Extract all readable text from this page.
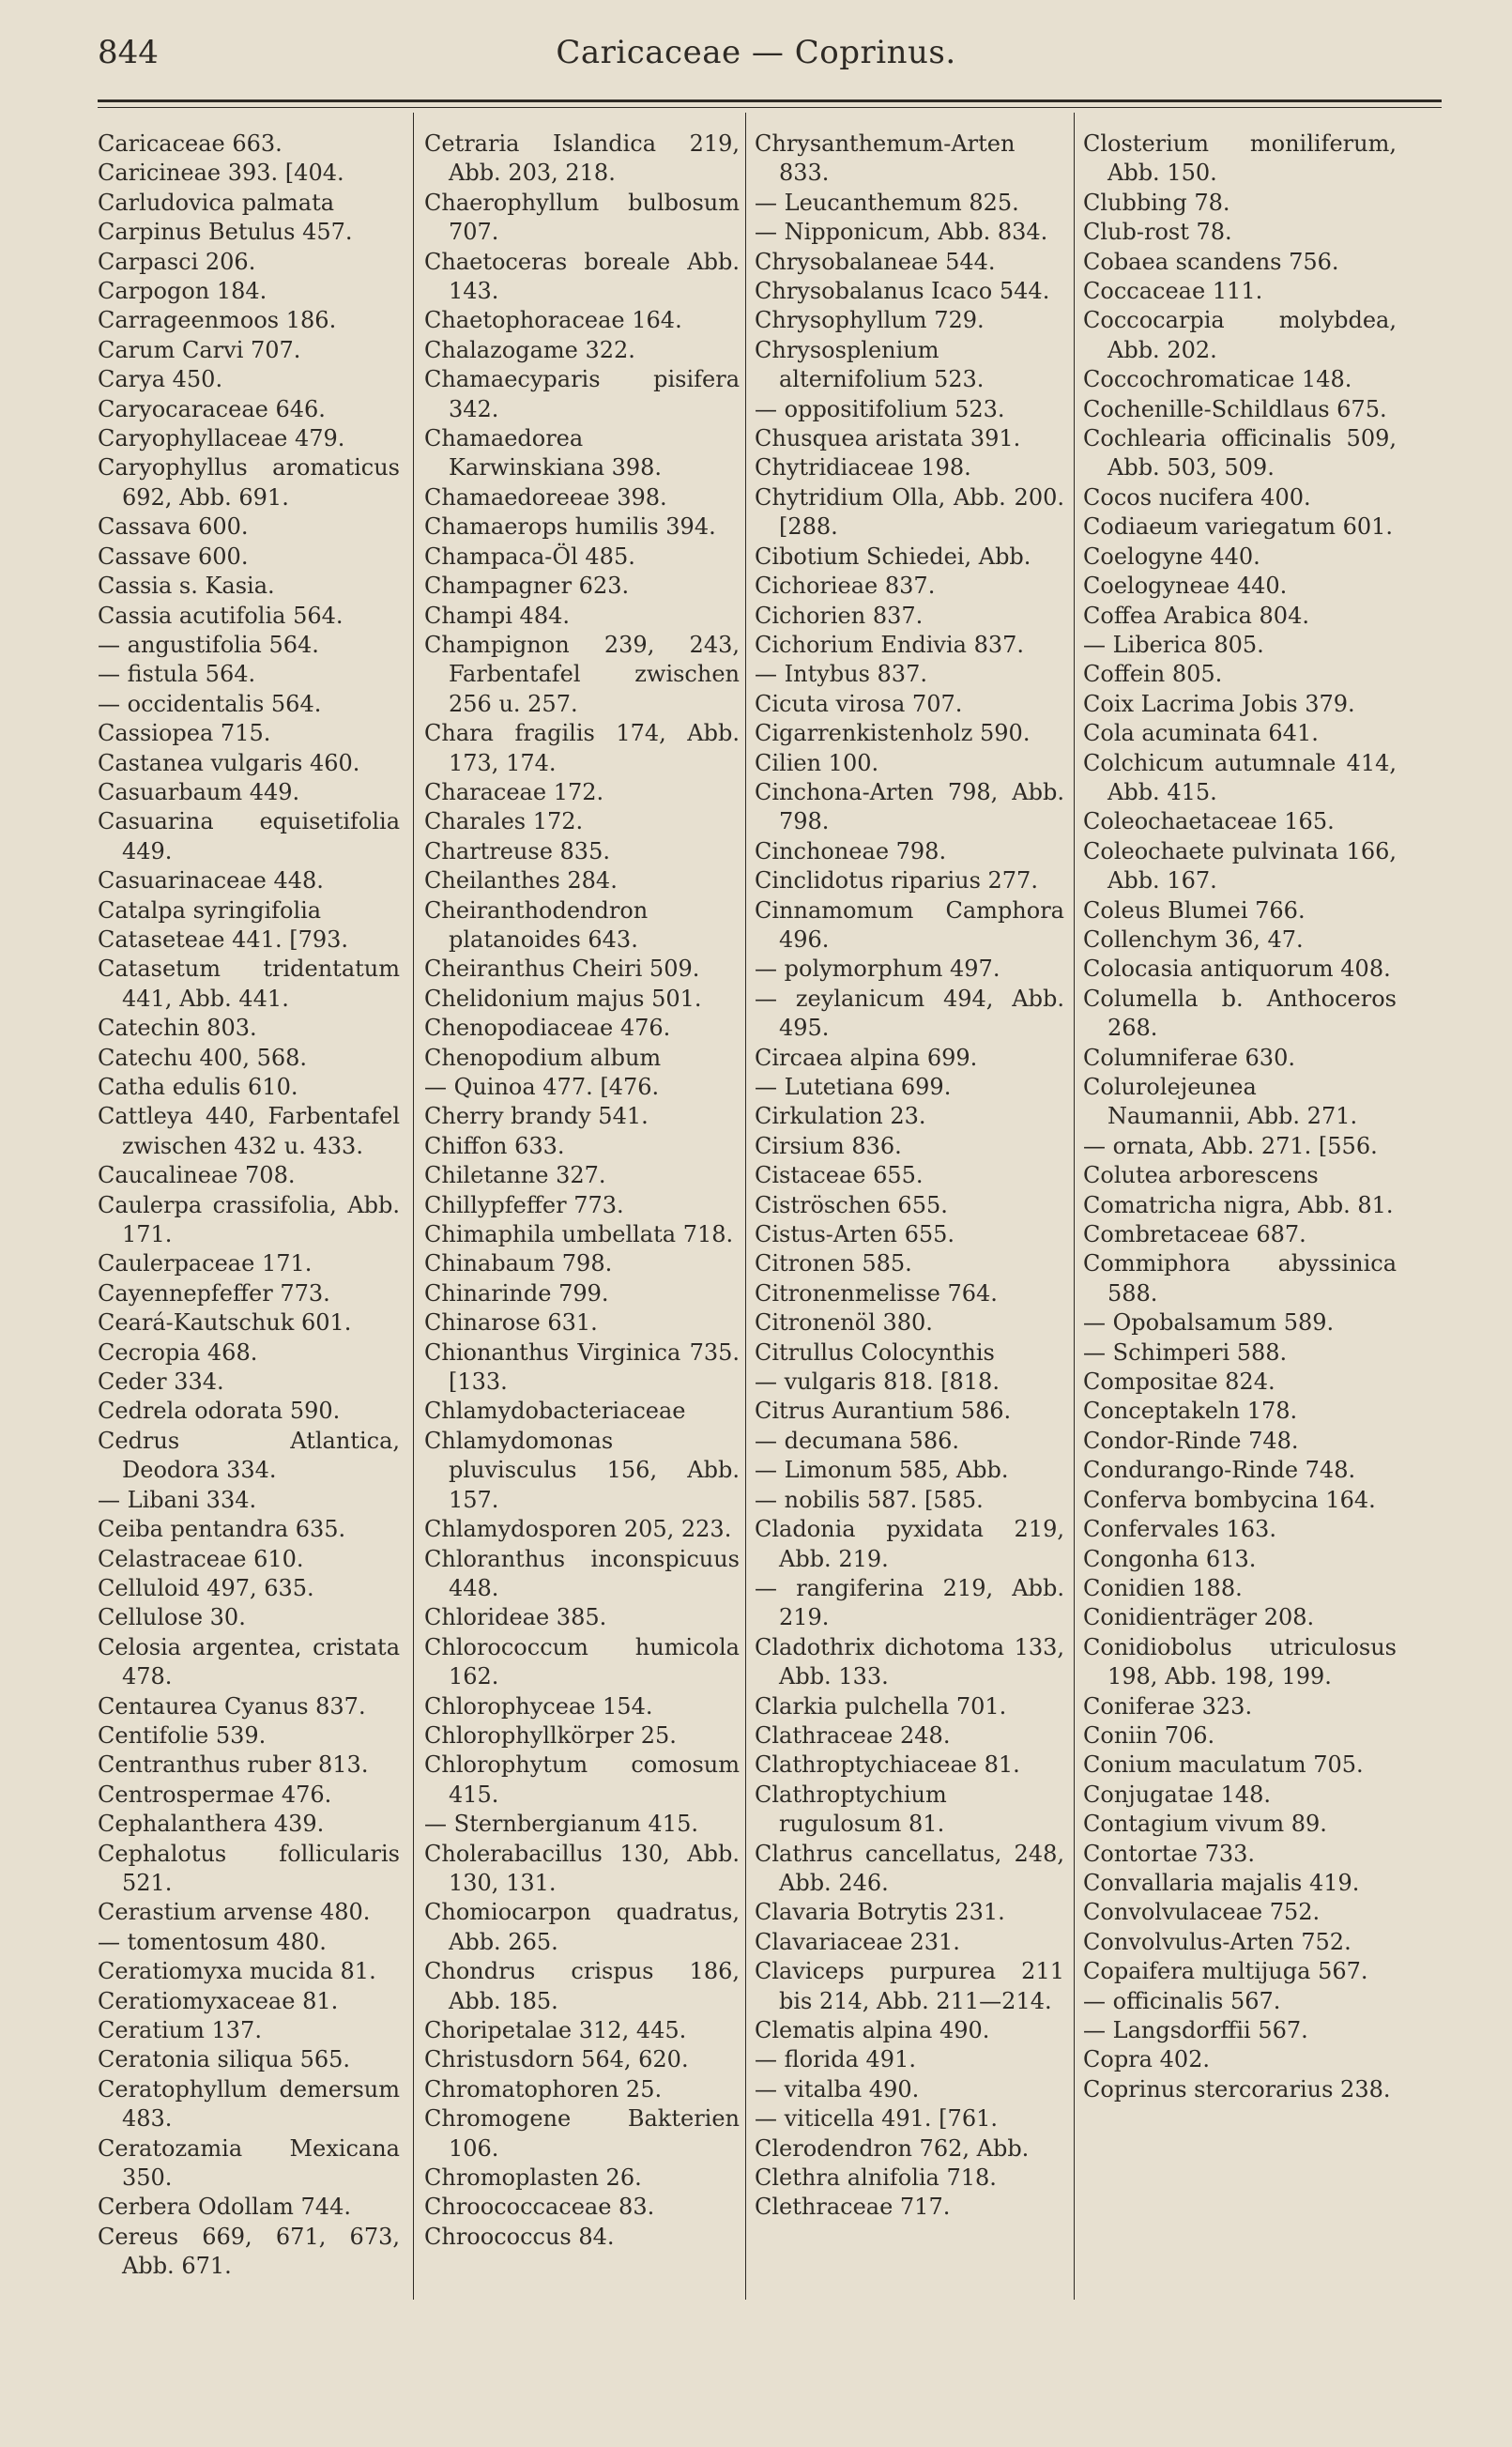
844	Caricaceae — Coprinus.
Caricaceae 663.
Caricineae 393. [404.
Carludovica palmata
Carpinus Betulus 457.
Carpasci 206.
Carpogon 184.
Carrageenmoos 186.
Carum Carvi 707.
Carya 450.
Caryocaraceae 646.
Caryophyllaceae 479.
Caryophyllus aromaticus 692, Abb. 691.
Cassava 600.
Cassave 600.
Cassia s. Kasia.
Cassia acutifolia 564.
— angustifolia 564.
— fistula 564.
— occidentalis 564.
Cassiopea 715.
Castanea vulgaris 460.
Casuarbaum 449.
Casuarina equisetifolia 449.
Casuarinaceae 448.
Catalpa syringifolia
Cataseteae 441. [793.
Catasetum tridentatum 441, Abb. 441.
Catechin 803.
Catechu 400, 568.
Catha edulis 610.
Cattleya 440, Farbentafel zwischen 432 u. 433.
Caucalineae 708.
Caulerpa crassifolia, Abb. 171.
Caulerpaceae 171.
Cayennepfeffer 773.
Ceará-Kautschuk 601.
Cecropia 468.
Ceder 334.
Cedrela odorata 590.
Cedrus Atlantica, Deodora 334.
— Libani 334.
Ceiba pentandra 635.
Celastraceae 610.
Celluloid 497, 635.
Cellulose 30.
Celosia argentea, cristata 478.
Centaurea Cyanus 837.
Centifolie 539.
Centranthus ruber 813.
Centrospermae 476.
Cephalanthera 439.
Cephalotus follicularis 521.
Cerastium arvense 480.
— tomentosum 480.
Ceratiomyxa mucida 81.
Ceratiomyxaceae 81.
Ceratium 137.
Ceratonia siliqua 565.
Ceratophyllum demersum 483.
Ceratozamia Mexicana 350.
Cerbera Odollam 744.
Cereus 669, 671, 673, Abb. 671.
Cetraria Islandica 219, Abb. 203, 218.
Chaerophyllum bulbosum 707.
Chaetoceras boreale Abb. 143.
Chaetophoraceae 164.
Chalazogame 322.
Chamaecyparis pisifera 342.
Chamaedorea Karwinskiana 398.
Chamaedoreeae 398.
Chamaerops humilis 394.
Champaca-Öl 485.
Champagner 623.
Champi 484.
Champignon 239, 243, Farbentafel zwischen 256 u. 257.
Chara fragilis 174, Abb. 173, 174.
Characeae 172.
Charales 172.
Chartreuse 835.
Cheilanthes 284.
Cheiranthodendron platanoides 643.
Cheiranthus Cheiri 509.
Chelidonium majus 501.
Chenopodiaceae 476.
Chenopodium album
— Quinoa 477. [476.
Cherry brandy 541.
Chiffon 633.
Chiletanne 327.
Chillypfeffer 773.
Chimaphila umbellata 718.
Chinabaum 798.
Chinarinde 799.
Chinarose 631.
Chionanthus Virginica 735. [133.
Chlamydobacteriaceae
Chlamydomonas pluvisculus 156, Abb. 157.
Chlamydosporen 205, 223.
Chloranthus inconspicuus 448.
Chlorideae 385.
Chlorococcum humicola 162.
Chlorophyceae 154.
Chlorophyllkörper 25.
Chlorophytum comosum 415.
— Sternbergianum 415.
Cholerabacillus 130, Abb. 130, 131.
Chomiocarpon quadratus, Abb. 265.
Chondrus crispus 186, Abb. 185.
Choripetalae 312, 445.
Christusdorn 564, 620.
Chromatophoren 25.
Chromogene Bakterien 106.
Chromoplasten 26.
Chroococcaceae 83.
Chroococcus 84.
Chrysanthemum-Arten 833.
— Leucanthemum 825.
— Nipponicum, Abb. 834.
Chrysobalaneae 544.
Chrysobalanus Icaco 544.
Chrysophyllum 729.
Chrysosplenium alternifolium 523.
— oppositifolium 523.
Chusquea aristata 391.
Chytridiaceae 198.
Chytridium Olla, Abb. 200. [288.
Cibotium Schiedei, Abb.
Cichorieae 837.
Cichorien 837.
Cichorium Endivia 837.
— Intybus 837.
Cicuta virosa 707.
Cigarrenkistenholz 590.
Cilien 100.
Cinchona-Arten 798, Abb. 798.
Cinchoneae 798.
Cinclidotus riparius 277.
Cinnamomum Camphora 496.
— polymorphum 497.
— zeylanicum 494, Abb. 495.
Circaea alpina 699.
— Lutetiana 699.
Cirkulation 23.
Cirsium 836.
Cistaceae 655.
Ciströschen 655.
Cistus-Arten 655.
Citronen 585.
Citronenmelisse 764.
Citronenöl 380.
Citrullus Colocynthis
— vulgaris 818. [818.
Citrus Aurantium 586.
— decumana 586.
— Limonum 585, Abb.
— nobilis 587. [585.
Cladonia pyxidata 219, Abb. 219.
— rangiferina 219, Abb. 219.
Cladothrix dichotoma 133, Abb. 133.
Clarkia pulchella 701.
Clathraceae 248.
Clathroptychiaceae 81.
Clathroptychium rugulosum 81.
Clathrus cancellatus, 248, Abb. 246.
Clavaria Botrytis 231.
Clavariaceae 231.
Claviceps purpurea 211 bis 214, Abb. 211—214.
Clematis alpina 490.
— florida 491.
— vitalba 490.
— viticella 491. [761.
Clerodendron 762, Abb.
Clethra alnifolia 718.
Clethraceae 717.
Closterium moniliferum, Abb. 150.
Clubbing 78.
Club-rost 78.
Cobaea scandens 756.
Coccaceae 111.
Coccocarpia molybdea, Abb. 202.
Coccochromaticae 148.
Cochenille-Schildlaus 675.
Cochlearia officinalis 509, Abb. 503, 509.
Cocos nucifera 400.
Codiaeum variegatum 601.
Coelogyne 440.
Coelogyneae 440.
Coffea Arabica 804.
— Liberica 805.
Coffein 805.
Coix Lacrima Jobis 379.
Cola acuminata 641.
Colchicum autumnale 414, Abb. 415.
Coleochaetaceae 165.
Coleochaete pulvinata 166, Abb. 167.
Coleus Blumei 766.
Collenchym 36, 47.
Colocasia antiquorum 408.
Columella b. Anthoceros 268.
Columniferae 630.
Colurolejeunea Naumannii, Abb. 271.
— ornata, Abb. 271. [556.
Colutea arborescens
Comatricha nigra, Abb. 81.
Combretaceae 687.
Commiphora abyssinica 588.
— Opobalsamum 589.
— Schimperi 588.
Compositae 824.
Conceptakeln 178.
Condor-Rinde 748.
Condurango-Rinde 748.
Conferva bombycina 164.
Confervales 163.
Congonha 613.
Conidien 188.
Conidienträger 208.
Conidiobolus utriculosus 198, Abb. 198, 199.
Coniferae 323.
Coniin 706.
Conium maculatum 705.
Conjugatae 148.
Contagium vivum 89.
Contortae 733.
Convallaria majalis 419.
Convolvulaceae 752.
Convolvulus-Arten 752.
Copaifera multijuga 567.
— officinalis 567.
— Langsdorffii 567.
Copra 402.
Coprinus stercorarius 238.
